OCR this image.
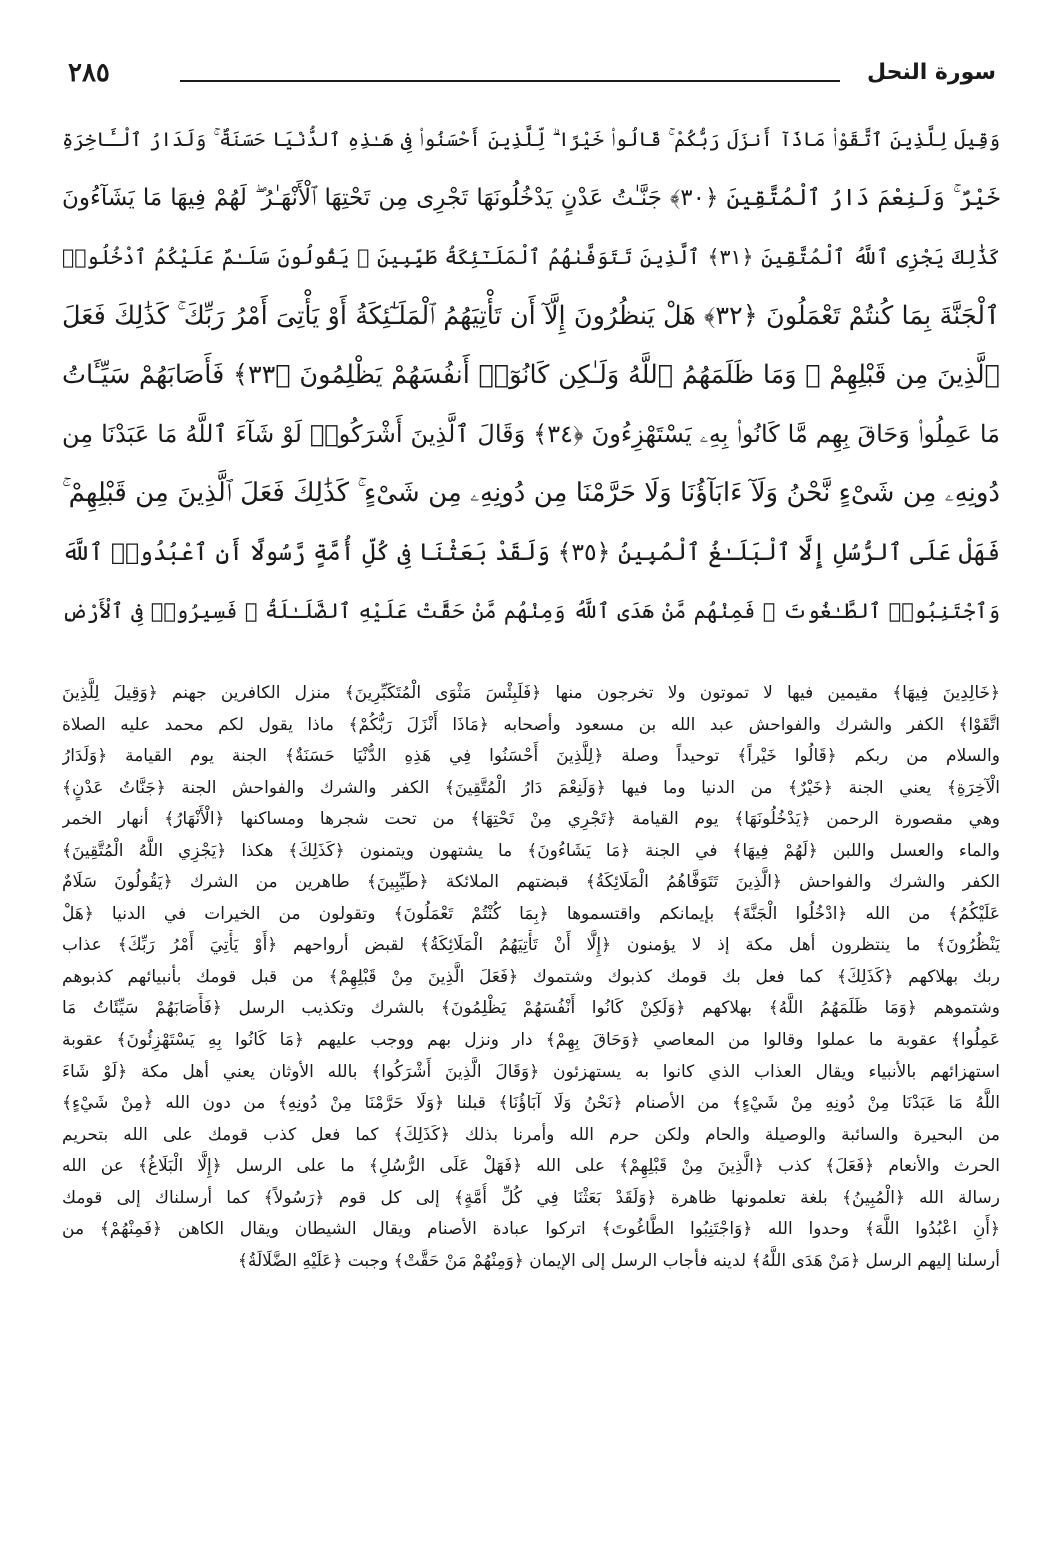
٢٨٥	سورة النحل
وَقِيلَ لِلَّذِينَ ٱتَّقَوْا۟ مَاذَآ أَنزَلَ رَبُّكُمْ ۚ قَالُوا۟ خَيْرًا ۗ لِّلَّذِينَ أَحْسَنُوا۟ فِى هَـٰذِهِ ٱلدُّنْيَا حَسَنَةٌ ۚ وَلَدَارُ ٱلْـَٔاخِرَةِ
خَيْرٌ ۚ وَلَنِعْمَ دَارُ ٱلْمُتَّقِينَ ﴿٣٠﴾ جَنَّـٰتُ عَدْنٍ يَدْخُلُونَهَا تَجْرِى مِن تَحْتِهَا ٱلْأَنْهَـٰرُ ۖ لَهُمْ فِيهَا مَا يَشَآءُونَ
كَذَٰلِكَ يَجْزِى ٱللَّهُ ٱلْمُتَّقِينَ ﴿٣١﴾ ٱلَّذِينَ تَتَوَفَّىٰهُمُ ٱلْمَلَـٰٓئِكَةُ طَيِّبِينَ ۙ يَقُولُونَ سَلَـٰمٌ عَلَيْكُمُ ٱدْخُلُوا۟
ٱلْجَنَّةَ بِمَا كُنتُمْ تَعْمَلُونَ ﴿٣٢﴾ هَلْ يَنظُرُونَ إِلَّآ أَن تَأْتِيَهُمُ ٱلْمَلَـٰٓئِكَةُ أَوْ يَأْتِىَ أَمْرُ رَبِّكَ ۚ كَذَٰلِكَ فَعَلَ
ٱلَّذِينَ مِن قَبْلِهِمْ ۚ وَمَا ظَلَمَهُمُ ٱللَّهُ وَلَـٰكِن كَانُوٓا۟ أَنفُسَهُمْ يَظْلِمُونَ ﴿٣٣﴾ فَأَصَابَهُمْ سَيِّـَٔاتُ
مَا عَمِلُوا۟ وَحَاقَ بِهِم مَّا كَانُوا۟ بِهِۦ يَسْتَهْزِءُونَ ﴿٣٤﴾ وَقَالَ ٱلَّذِينَ أَشْرَكُوا۟ لَوْ شَآءَ ٱللَّهُ مَا عَبَدْنَا مِن
دُونِهِۦ مِن شَىْءٍ نَّحْنُ وَلَآ ءَابَآؤُنَا وَلَا حَرَّمْنَا مِن دُونِهِۦ مِن شَىْءٍ ۚ كَذَٰلِكَ فَعَلَ ٱلَّذِينَ مِن قَبْلِهِمْ ۚ
فَهَلْ عَلَى ٱلرُّسُلِ إِلَّا ٱلْبَلَـٰغُ ٱلْمُبِينُ ﴿٣٥﴾ وَلَقَدْ بَعَثْنَا فِى كُلِّ أُمَّةٍ رَّسُولًا أَنِ ٱعْبُدُوا۟ ٱللَّهَ
وَٱجْتَنِبُوا۟ ٱلطَّـٰغُوتَ ۖ فَمِنْهُم مَّنْ هَدَى ٱللَّهُ وَمِنْهُم مَّنْ حَقَّتْ عَلَيْهِ ٱلضَّلَـٰلَةُ ۚ فَسِيرُوا۟ فِى ٱلْأَرْضِ
﴿خَالِدِينَ فِيهَا﴾ مقيمين فيها لا تموتون ولا تخرجون منها ﴿فَلَبِئْسَ مَثْوَى الْمُتَكَبِّرِينَ﴾ منزل الكافرين جهنم ﴿وَقِيلَ لِلَّذِينَ
اتَّقَوْا﴾ الكفر والشرك والفواحش عبد الله بن مسعود وأصحابه ﴿مَاذَا أَنْزَلَ رَبُّكُمْ﴾ ماذا يقول لكم محمد عليه الصلاة
والسلام من ربكم ﴿قَالُوا خَيْراً﴾ توحيداً وصلة ﴿لِلَّذِينَ أَحْسَنُوا فِي هَذِهِ الدُّنْيَا حَسَنَةٌ﴾ الجنة يوم القيامة ﴿وَلَدَارُ
الْآخِرَةِ﴾ يعني الجنة ﴿خَيْرٌ﴾ من الدنيا وما فيها ﴿وَلَنِعْمَ دَارُ الْمُتَّقِينَ﴾ الكفر والشرك والفواحش الجنة ﴿جَنَّاتُ عَدْنٍ﴾
وهي مقصورة الرحمن ﴿يَدْخُلُونَهَا﴾ يوم القيامة ﴿تَجْرِي مِنْ تَحْتِهَا﴾ من تحت شجرها ومساكنها ﴿الْأَنْهَارُ﴾ أنهار الخمر
والماء والعسل واللبن ﴿لَهُمْ فِيهَا﴾ في الجنة ﴿مَا يَشَاءُونَ﴾ ما يشتهون ويتمنون ﴿كَذَلِكَ﴾ هكذا ﴿يَجْزِي اللَّهُ الْمُتَّقِينَ﴾
الكفر والشرك والفواحش ﴿الَّذِينَ تَتَوَفَّاهُمُ الْمَلَائِكَةُ﴾ قبضتهم الملائكة ﴿طَيِّبِينَ﴾ طاهرين من الشرك ﴿يَقُولُونَ سَلَامٌ
عَلَيْكُمُ﴾ من الله ﴿ادْخُلُوا الْجَنَّةَ﴾ بإيمانكم واقتسموها ﴿بِمَا كُنْتُمْ تَعْمَلُونَ﴾ وتقولون من الخيرات في الدنيا ﴿هَلْ
يَنْظُرُونَ﴾ ما ينتظرون أهل مكة إذ لا يؤمنون ﴿إِلَّا أَنْ تَأْتِيَهُمُ الْمَلَائِكَةُ﴾ لقبض أرواحهم ﴿أَوْ يَأْتِيَ أَمْرُ رَبِّكَ﴾ عذاب
ربك بهلاكهم ﴿كَذَلِكَ﴾ كما فعل بك قومك كذبوك وشتموك ﴿فَعَلَ الَّذِينَ مِنْ قَبْلِهِمْ﴾ من قبل قومك بأنبيائهم كذبوهم
وشتموهم ﴿وَمَا ظَلَمَهُمُ اللَّهُ﴾ بهلاكهم ﴿وَلَكِنْ كَانُوا أَنْفُسَهُمْ يَظْلِمُونَ﴾ بالشرك وتكذيب الرسل ﴿فَأَصَابَهُمْ سَيِّئَاتُ مَا
عَمِلُوا﴾ عقوبة ما عملوا وقالوا من المعاصي ﴿وَحَاقَ بِهِمْ﴾ دار ونزل بهم ووجب عليهم ﴿مَا كَانُوا بِهِ يَسْتَهْزِئُونَ﴾ عقوبة
استهزائهم بالأنبياء ويقال العذاب الذي كانوا به يستهزئون ﴿وَقَالَ الَّذِينَ أَشْرَكُوا﴾ بالله الأوثان يعني أهل مكة ﴿لَوْ شَاءَ
اللَّهُ مَا عَبَدْنَا مِنْ دُونِهِ مِنْ شَيْءٍ﴾ من الأصنام ﴿نَحْنُ وَلَا آبَاؤُنَا﴾ قبلنا ﴿وَلَا حَرَّمْنَا مِنْ دُونِهِ﴾ من دون الله ﴿مِنْ شَيْءٍ﴾
من البحيرة والسائبة والوصيلة والحام ولكن حرم الله وأمرنا بذلك ﴿كَذَلِكَ﴾ كما فعل كذب قومك على الله بتحريم
الحرث والأنعام ﴿فَعَلَ﴾ كذب ﴿الَّذِينَ مِنْ قَبْلِهِمْ﴾ على الله ﴿فَهَلْ عَلَى الرُّسُلِ﴾ ما على الرسل ﴿إِلَّا الْبَلَاغُ﴾ عن الله
رسالة الله ﴿الْمُبِينُ﴾ بلغة تعلمونها ظاهرة ﴿وَلَقَدْ بَعَثْنَا فِي كُلِّ أُمَّةٍ﴾ إلى كل قوم ﴿رَسُولاً﴾ كما أرسلناك إلى قومك
﴿أَنِ اعْبُدُوا اللَّهَ﴾ وحدوا الله ﴿وَاجْتَنِبُوا الطَّاغُوتَ﴾ اتركوا عبادة الأصنام ويقال الشيطان ويقال الكاهن ﴿فَمِنْهُمْ﴾ من
أرسلنا إليهم الرسل ﴿مَنْ هَدَى اللَّهُ﴾ لدينه فأجاب الرسل إلى الإيمان ﴿وَمِنْهُمْ مَنْ حَقَّتْ﴾ وجبت ﴿عَلَيْهِ الضَّلَالَةُ﴾
